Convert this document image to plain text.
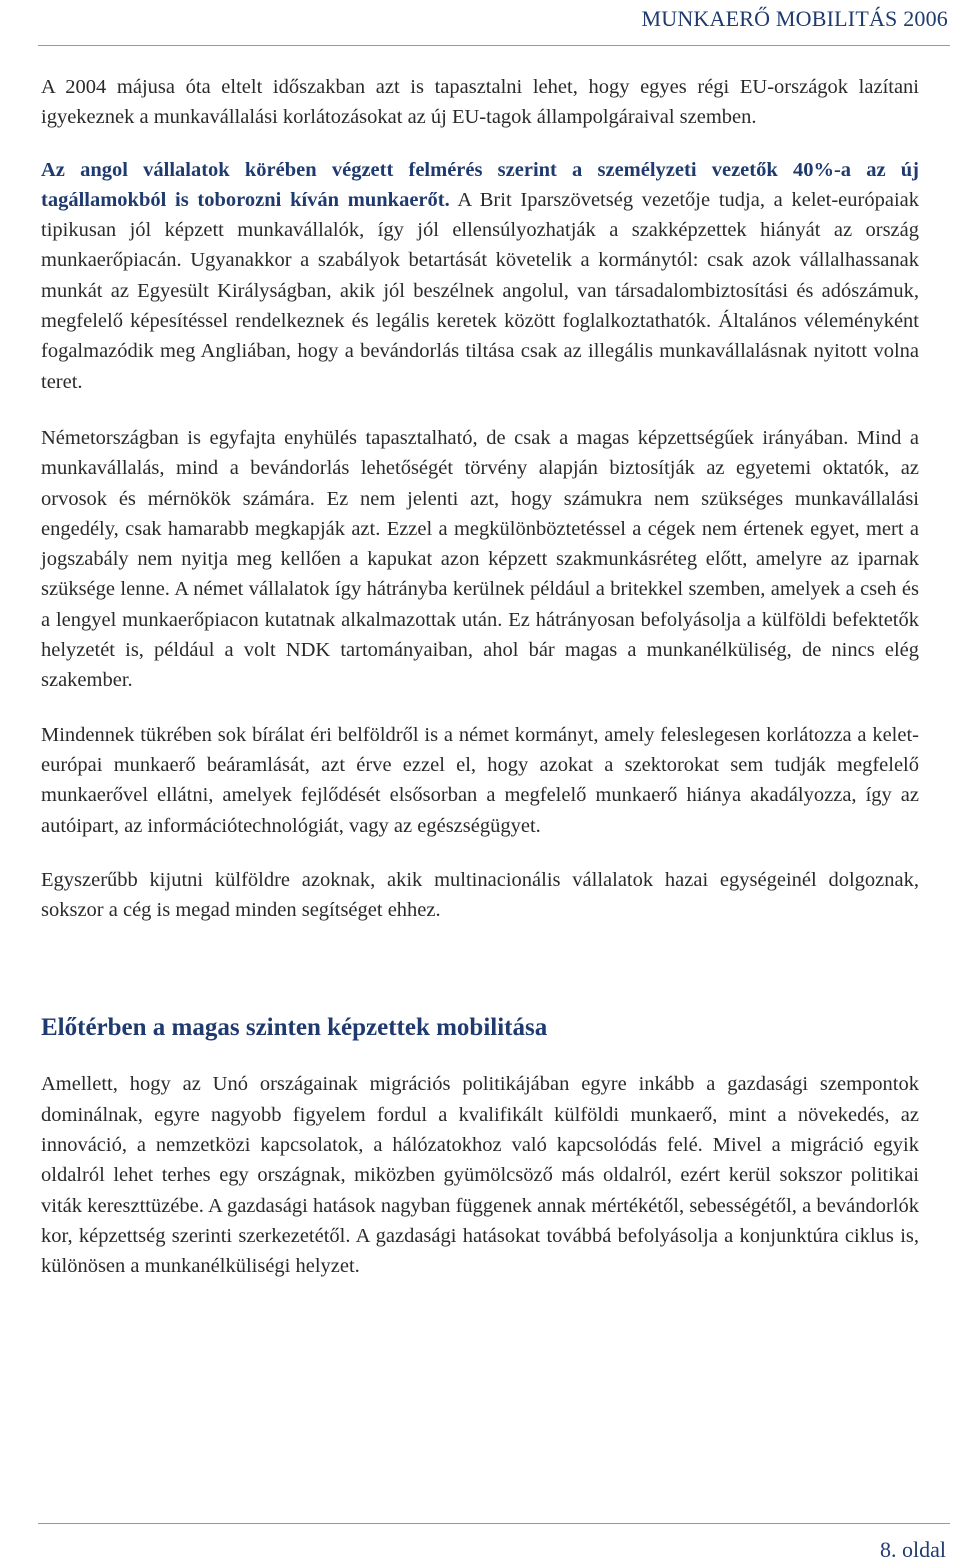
MUNKAERŐ MOBILITÁS 2006

A 2004 májusa óta eltelt időszakban azt is tapasztalni lehet, hogy egyes régi EU-országok lazítani igyekeznek a munkavállalási korlátozásokat az új EU-tagok állampolgáraival szemben.

Az angol vállalatok körében végzett felmérés szerint a személyzeti vezetők 40%-a az új tagállamokból is toborozni kíván munkaerőt. A Brit Iparszövetség vezetője tudja, a kelet-európaiak tipikusan jól képzett munkavállalók, így jól ellensúlyozhatják a szakképzettek hiányát az ország munkaerőpiacán. Ugyanakkor a szabályok betartását követelik a kormánytól: csak azok vállalhassanak munkát az Egyesült Királyságban, akik jól beszélnek angolul, van társadalombiztosítási és adószámuk, megfelelő képesítéssel rendelkeznek és legális keretek között foglalkoztathatók. Általános véleményként fogalmazódik meg Angliában, hogy a bevándorlás tiltása csak az illegális munkavállalásnak nyitott volna teret.

Németországban is egyfajta enyhülés tapasztalható, de csak a magas képzettségűek irányában. Mind a munkavállalás, mind a bevándorlás lehetőségét törvény alapján biztosítják az egyetemi oktatók, az orvosok és mérnökök számára. Ez nem jelenti azt, hogy számukra nem szükséges munkavállalási engedély, csak hamarabb megkapják azt. Ezzel a megkülönböztetéssel a cégek nem értenek egyet, mert a jogszabály nem nyitja meg kellően a kapukat azon képzett szakmunkásréteg előtt, amelyre az iparnak szüksége lenne. A német vállalatok így hátrányba kerülnek például a britekkel szemben, amelyek a cseh és a lengyel munkaerőpiacon kutatnak alkalmazottak után. Ez hátrányosan befolyásolja a külföldi befektetők helyzetét is, például a volt NDK tartományaiban, ahol bár magas a munkanélküliség, de nincs elég szakember.

Mindennek tükrében sok bírálat éri belföldről is a német kormányt, amely feleslegesen korlátozza a kelet-európai munkaerő beáramlását, azt érve ezzel el, hogy azokat a szektorokat sem tudják megfelelő munkaerővel ellátni, amelyek fejlődését elsősorban a megfelelő munkaerő hiánya akadályozza, így az autóipart, az információtechnológiát, vagy az egészségügyet.

Egyszerűbb kijutni külföldre azoknak, akik multinacionális vállalatok hazai egységeinél dolgoznak, sokszor a cég is megad minden segítséget ehhez.

Előtérben a magas szinten képzettek mobilitása

Amellett, hogy az Unó országainak migrációs politikájában egyre inkább a gazdasági szempontok dominálnak, egyre nagyobb figyelem fordul a kvalifikált külföldi munkaerő, mint a növekedés, az innováció, a nemzetközi kapcsolatok, a hálózatokhoz való kapcsolódás felé. Mivel a migráció egyik oldalról lehet terhes egy országnak, miközben gyümölcsöző más oldalról, ezért kerül sokszor politikai viták kereszttüzébe. A gazdasági hatások nagyban függenek annak mértékétől, sebességétől, a bevándorlók kor, képzettség szerinti szerkezetétől. A gazdasági hatásokat továbbá befolyásolja a konjunktúra ciklus is, különösen a munkanélküliségi helyzet.

8. oldal
